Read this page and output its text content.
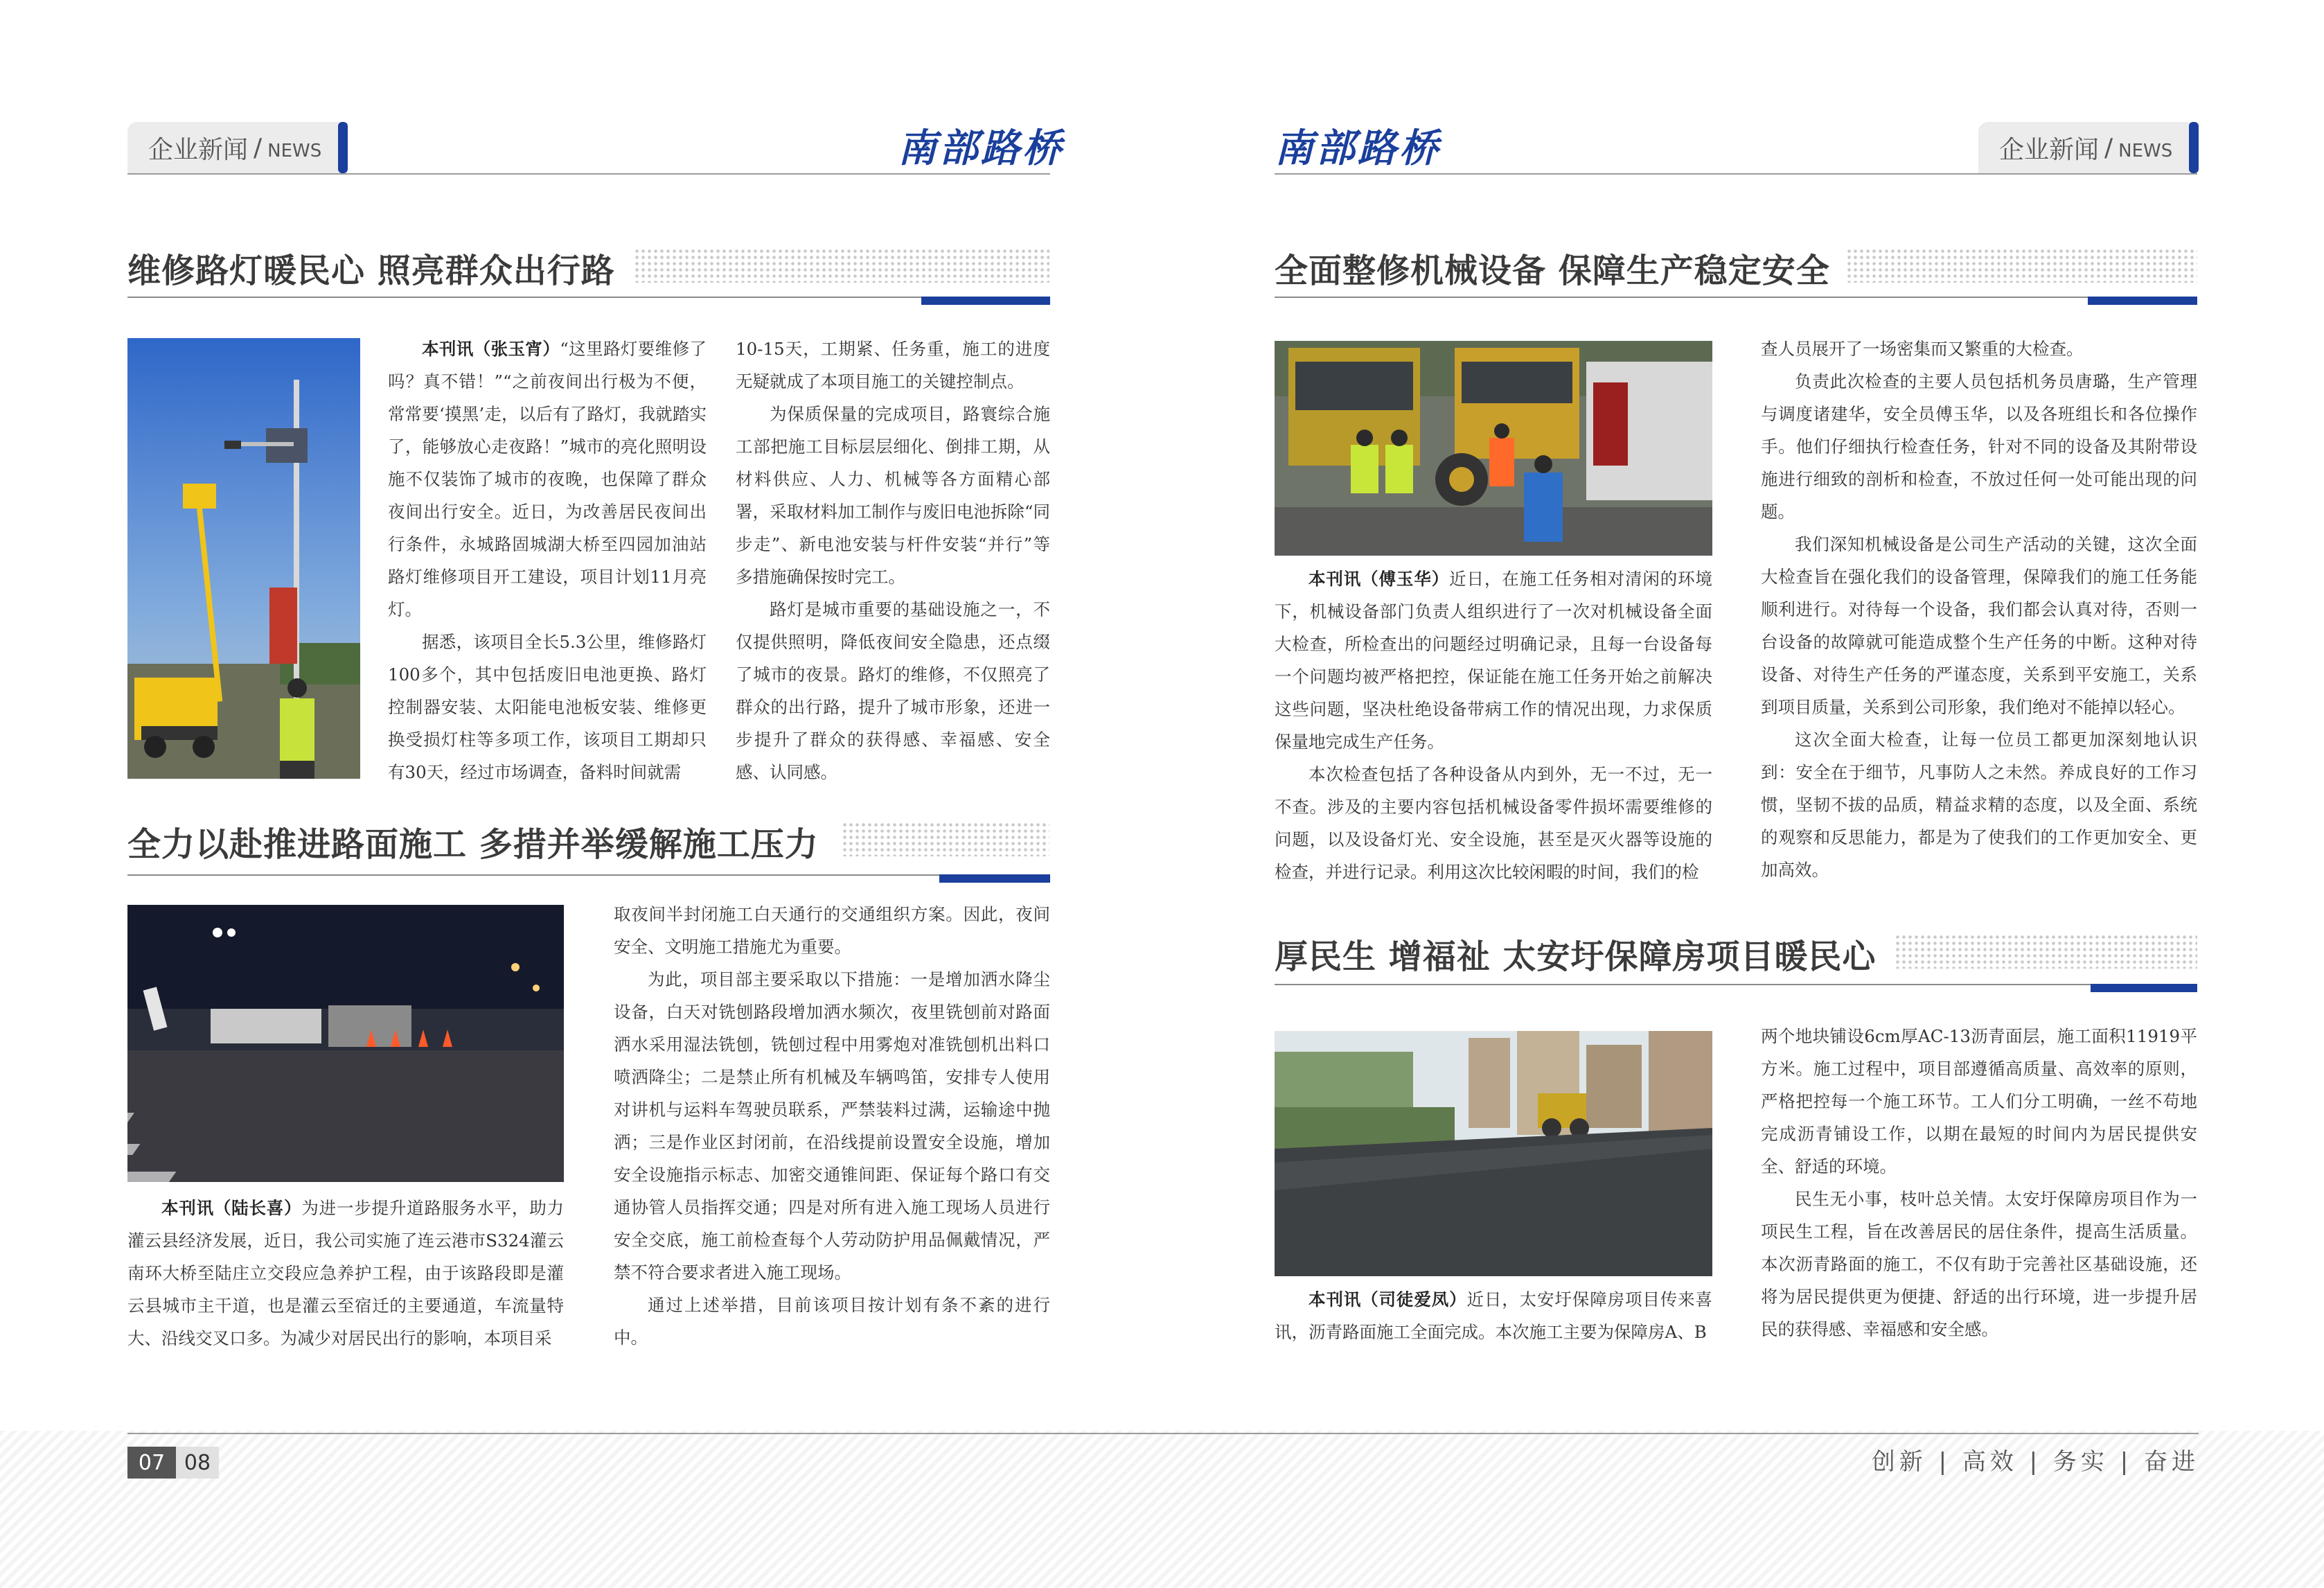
企业新闻 / NEWS	南部路桥	南部路桥	企业新闻 / NEWS
维修路灯暖民心 照亮群众出行路

本刊讯（张玉宵）“这里路灯要维修了吗？真不错！”“之前夜间出行极为不便，常常要‘摸黑’走，以后有了路灯，我就踏实了，能够放心走夜路！”城市的亮化照明设施不仅装饰了城市的夜晚，也保障了群众夜间出行安全。近日，为改善居民夜间出行条件，永城路固城湖大桥至四园加油站路灯维修项目开工建设，项目计划11月亮灯。

据悉，该项目全长5.3公里，维修路灯100多个，其中包括废旧电池更换、路灯控制器安装、太阳能电池板安装、维修更换受损灯柱等多项工作，该项目工期却只有30天，经过市场调查，备料时间就需

10-15天，工期紧、任务重，施工的进度无疑就成了本项目施工的关键控制点。

为保质保量的完成项目，路寰综合施工部把施工目标层层细化、倒排工期，从材料供应、人力、机械等各方面精心部署，采取材料加工制作与废旧电池拆除“同步走”、新电池安装与杆件安装“并行”等多措施确保按时完工。

路灯是城市重要的基础设施之一，不仅提供照明，降低夜间安全隐患，还点缀了城市的夜景。路灯的维修，不仅照亮了群众的出行路，提升了城市形象，还进一步提升了群众的获得感、幸福感、安全感、认同感。

全力以赴推进路面施工 多措并举缓解施工压力

本刊讯（陆长喜）为进一步提升道路服务水平，助力灌云县经济发展，近日，我公司实施了连云港市S324灌云南环大桥至陆庄立交段应急养护工程，由于该路段即是灌云县城市主干道，也是灌云至宿迁的主要通道，车流量特大、沿线交叉口多。为减少对居民出行的影响，本项目采

取夜间半封闭施工白天通行的交通组织方案。因此，夜间安全、文明施工措施尤为重要。

为此，项目部主要采取以下措施：一是增加洒水降尘设备，白天对铣刨路段增加洒水频次，夜里铣刨前对路面洒水采用湿法铣刨，铣刨过程中用雾炮对准铣刨机出料口喷洒降尘；二是禁止所有机械及车辆鸣笛，安排专人使用对讲机与运料车驾驶员联系，严禁装料过满，运输途中抛洒；三是作业区封闭前，在沿线提前设置安全设施，增加安全设施指示标志、加密交通锥间距、保证每个路口有交通协管人员指挥交通；四是对所有进入施工现场人员进行安全交底，施工前检查每个人劳动防护用品佩戴情况，严禁不符合要求者进入施工现场。

通过上述举措，目前该项目按计划有条不紊的进行中。

全面整修机械设备 保障生产稳定安全

本刊讯（傅玉华）近日，在施工任务相对清闲的环境下，机械设备部门负责人组织进行了一次对机械设备全面大检查，所检查出的问题经过明确记录，且每一台设备每一个问题均被严格把控，保证能在施工任务开始之前解决这些问题，坚决杜绝设备带病工作的情况出现，力求保质保量地完成生产任务。

本次检查包括了各种设备从内到外，无一不过，无一不查。涉及的主要内容包括机械设备零件损坏需要维修的问题，以及设备灯光、安全设施，甚至是灭火器等设施的检查，并进行记录。利用这次比较闲暇的时间，我们的检

查人员展开了一场密集而又繁重的大检查。

负责此次检查的主要人员包括机务员唐璐，生产管理与调度诸建华，安全员傅玉华，以及各班组长和各位操作手。他们仔细执行检查任务，针对不同的设备及其附带设施进行细致的剖析和检查，不放过任何一处可能出现的问题。

我们深知机械设备是公司生产活动的关键，这次全面大检查旨在强化我们的设备管理，保障我们的施工任务能顺利进行。对待每一个设备，我们都会认真对待，否则一台设备的故障就可能造成整个生产任务的中断。这种对待设备、对待生产任务的严谨态度，关系到平安施工，关系到项目质量，关系到公司形象，我们绝对不能掉以轻心。

这次全面大检查，让每一位员工都更加深刻地认识到：安全在于细节，凡事防人之未然。养成良好的工作习惯，坚韧不拔的品质，精益求精的态度，以及全面、系统的观察和反思能力，都是为了使我们的工作更加安全、更加高效。

厚民生 增福祉 太安圩保障房项目暖民心

本刊讯（司徒爱凤）近日，太安圩保障房项目传来喜讯，沥青路面施工全面完成。本次施工主要为保障房A、B

两个地块铺设6cm厚AC-13沥青面层，施工面积11919平方米。施工过程中，项目部遵循高质量、高效率的原则，严格把控每一个施工环节。工人们分工明确，一丝不苟地完成沥青铺设工作，以期在最短的时间内为居民提供安全、舒适的环境。

民生无小事，枝叶总关情。太安圩保障房项目作为一项民生工程，旨在改善居民的居住条件，提高生活质量。本次沥青路面的施工，不仅有助于完善社区基础设施，还将为居民提供更为便捷、舒适的出行环境，进一步提升居民的获得感、幸福感和安全感。

07 08	创新 | 高效 | 务实 | 奋进
